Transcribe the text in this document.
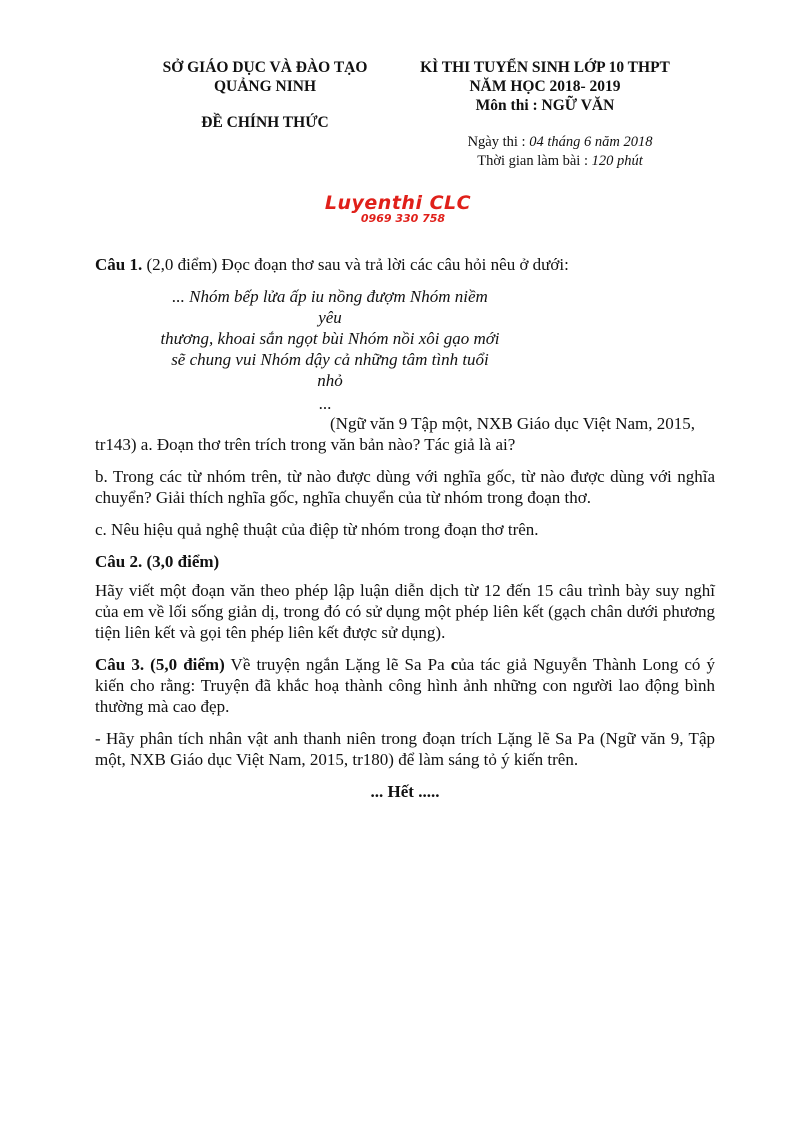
SỞ GIÁO DỤC VÀ ĐÀO TẠO
QUẢNG NINH
ĐỀ CHÍNH THỨC
KÌ THI TUYỂN SINH LỚP 10 THPT
NĂM HỌC 2018- 2019
Môn thi : NGỮ VĂN
Ngày thi : 04 tháng 6 năm 2018
Thời gian làm bài : 120 phút
Luyenthi CLC
0969 330 758

Câu 1. (2,0 điểm) Đọc đoạn thơ sau và trả lời các câu hỏi nêu ở dưới:

... Nhóm bếp lửa ấp iu nồng đượm Nhóm niềm yêu
thương, khoai sắn ngọt bùi Nhóm nồi xôi gạo mới
sẽ chung vui Nhóm dậy cả những tâm tình tuổi nhỏ
...

(Ngữ văn 9 Tập một, NXB Giáo dục Việt Nam, 2015,

tr143) a. Đoạn thơ trên trích trong văn bản nào? Tác giả là ai?

b. Trong các từ nhóm trên, từ nào được dùng với nghĩa gốc, từ nào được dùng với nghĩa chuyển? Giải thích nghĩa gốc, nghĩa chuyển của từ nhóm trong đoạn thơ.

c. Nêu hiệu quả nghệ thuật của điệp từ nhóm trong đoạn thơ trên.

Câu 2. (3,0 điểm)

Hãy viết một đoạn văn theo phép lập luận diễn dịch từ 12 đến 15 câu trình bày suy nghĩ của em về lối sống giản dị, trong đó có sử dụng một phép liên kết (gạch chân dưới phương tiện liên kết và gọi tên phép liên kết được sử dụng).

Câu 3. (5,0 điểm) Về truyện ngắn Lặng lẽ Sa Pa của tác giả Nguyễn Thành Long có ý kiến cho rằng: Truyện đã khắc hoạ thành công hình ảnh những con người lao động bình thường mà cao đẹp.

- Hãy phân tích nhân vật anh thanh niên trong đoạn trích Lặng lẽ Sa Pa (Ngữ văn 9, Tập một, NXB Giáo dục Việt Nam, 2015, tr180) để làm sáng tỏ ý kiến trên.

... Hết .....
